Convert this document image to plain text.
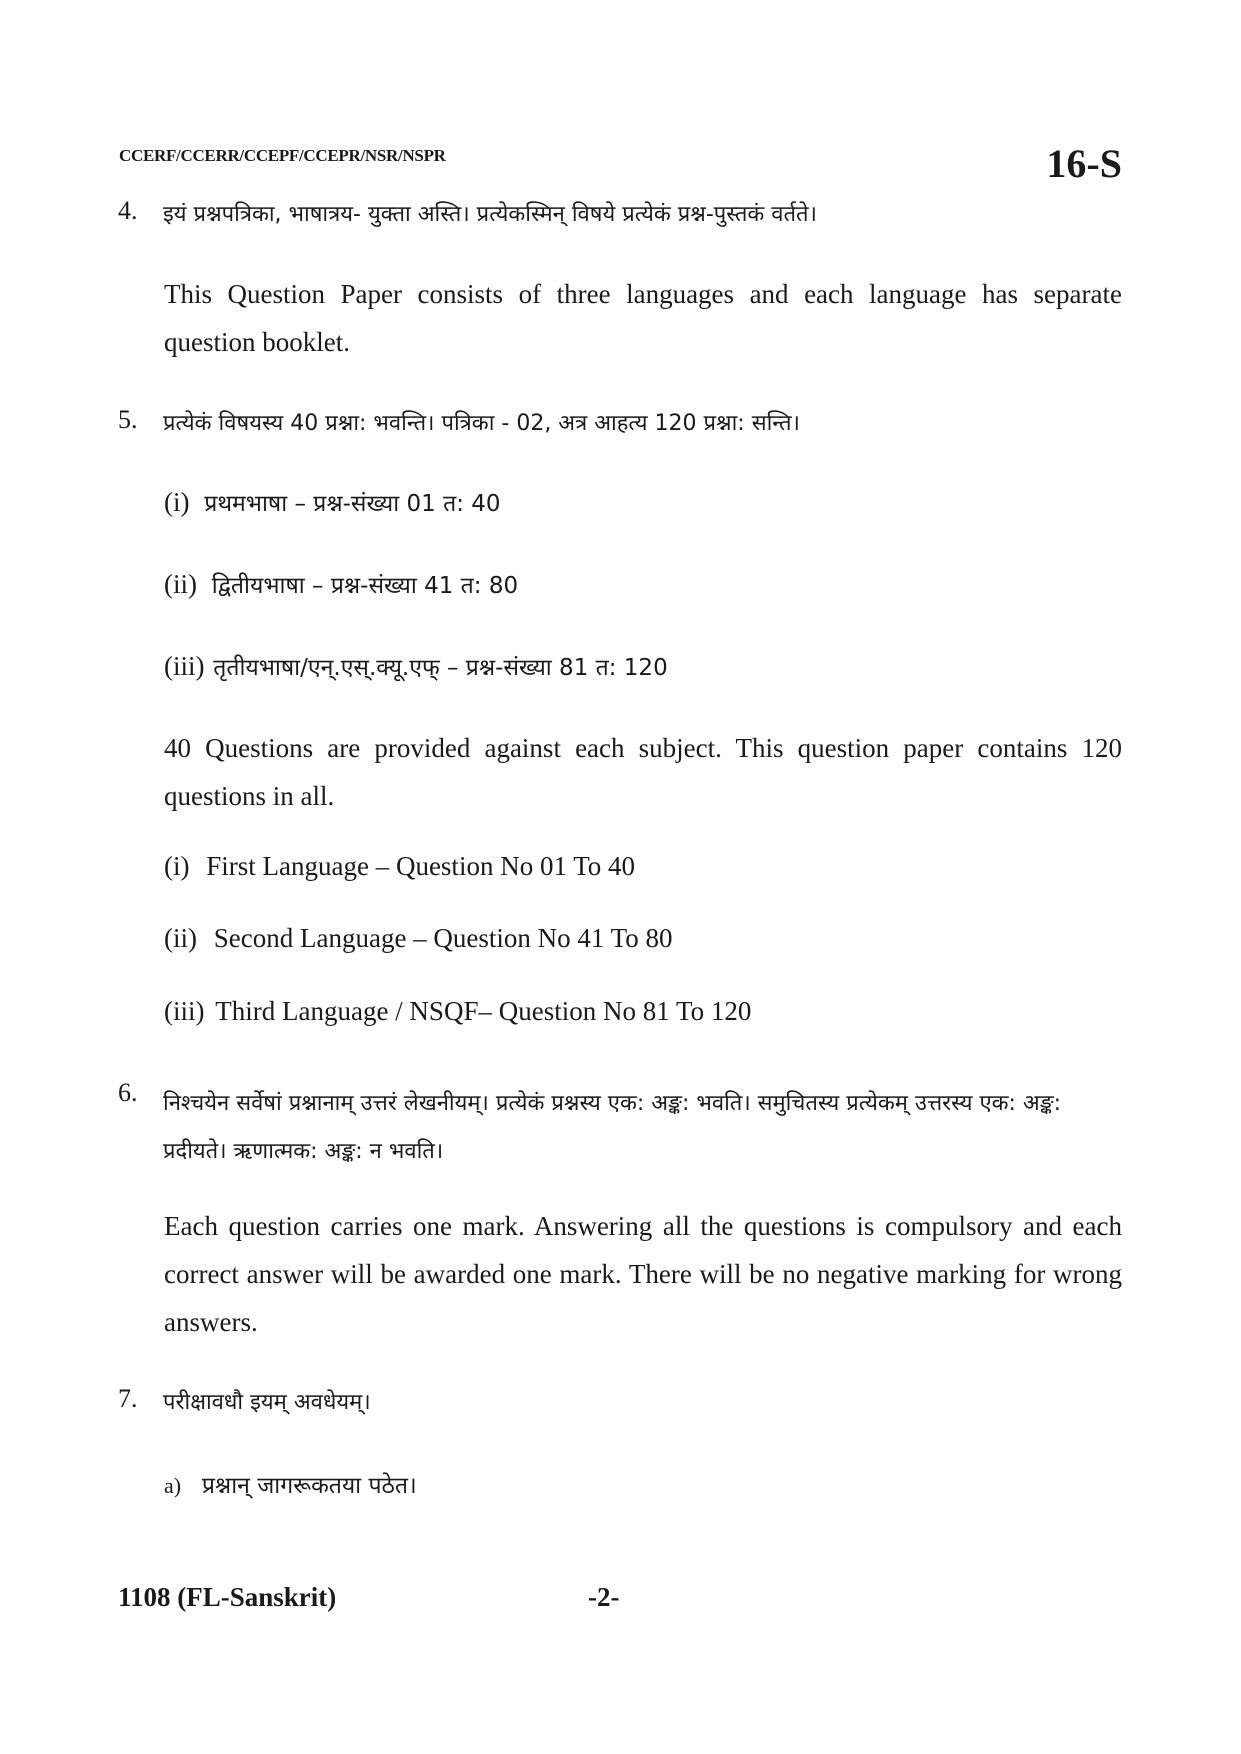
CCERF/CCERR/CCEPF/CCEPR/NSR/NSPR	16-S
4. इयं प्रश्नपत्रिका, भाषात्रय- युक्ता अस्ति। प्रत्येकस्मिन् विषये प्रत्येकं प्रश्न-पुस्तकं वर्तते।
This Question Paper consists of three languages and each language has separate question booklet.
5. प्रत्येकं विषयस्य 40 प्रश्ना: भवन्ति। पत्रिका - 02, अत्र आहत्य 120 प्रश्ना: सन्ति।
(i) प्रथमभाषा – प्रश्न-संख्या 01 त: 40
(ii) द्वितीयभाषा – प्रश्न-संख्या 41 त: 80
(iii) तृतीयभाषा/एन्.एस्.क्यू.एफ् – प्रश्न-संख्या 81 त: 120
40 Questions are provided against each subject. This question paper contains 120 questions in all.
(i) First Language – Question No 01 To 40
(ii) Second Language – Question No 41 To 80
(iii) Third Language / NSQF– Question No 81 To 120
6. निश्चयेन सर्वेषां प्रश्नानाम् उत्तरं लेखनीयम्। प्रत्येकं प्रश्नस्य एक: अङ्क: भवति। समुचितस्य प्रत्येकम् उत्तरस्य एक: अङ्क: प्रदीयते। ऋणात्मक: अङ्क: न भवति।
Each question carries one mark. Answering all the questions is compulsory and each correct answer will be awarded one mark. There will be no negative marking for wrong answers.
7. परीक्षावधौ इयम् अवधेयम्।
a) प्रश्नान् जागरूकतया पठेत।
1108 (FL-Sanskrit)	-2-
